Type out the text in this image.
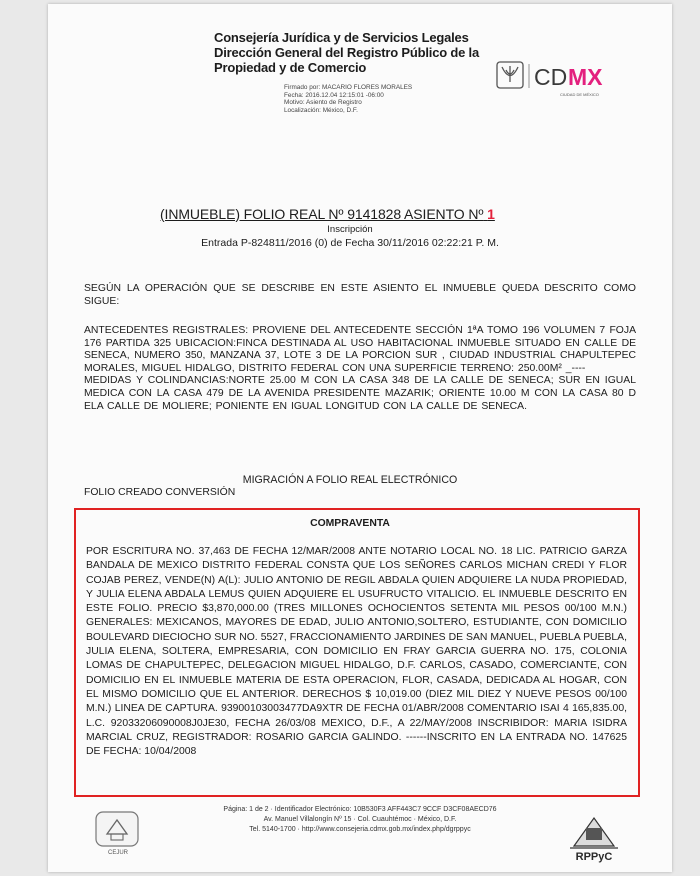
Consejería Jurídica y de Servicios Legales
Dirección General del Registro Público de la
Propiedad y de Comercio
Firmado por: MACARIO FLORES MORALES
Fecha: 2016.12.04 12:15:01 -06:00
Motivo: Asiento de Registro
Localización: México, D.F.
CD MX
CIUDAD DE MÉXICO
(INMUEBLE) FOLIO REAL Nº 9141828 ASIENTO Nº 1
Inscripción
Entrada P-824811/2016 (0) de Fecha 30/11/2016 02:22:21 P. M.
SEGÚN LA OPERACIÓN QUE SE DESCRIBE EN ESTE ASIENTO EL INMUEBLE QUEDA DESCRITO COMO SIGUE:
ANTECEDENTES REGISTRALES: PROVIENE DEL ANTECEDENTE SECCIÓN 1ªA TOMO 196 VOLUMEN 7 FOJA 176 PARTIDA 325 UBICACION:FINCA DESTINADA AL USO HABITACIONAL INMUEBLE SITUADO EN CALLE DE SENECA, NUMERO 350, MANZANA 37, LOTE 3 DE LA PORCION SUR , CIUDAD INDUSTRIAL CHAPULTEPEC MORALES, MIGUEL HIDALGO, DISTRITO FEDERAL CON UNA SUPERFICIE TERRENO: 250.00M² _----
MEDIDAS Y COLINDANCIAS:NORTE 25.00 M CON LA CASA 348 DE LA CALLE DE SENECA; SUR EN IGUAL MEDICA CON LA CASA 479 DE LA AVENIDA PRESIDENTE MAZARIK; ORIENTE 10.00 M CON LA CASA 80 D ELA CALLE DE MOLIERE; PONIENTE EN IGUAL LONGITUD CON LA CALLE DE SENECA.
MIGRACIÓN A FOLIO REAL ELECTRÓNICO
FOLIO CREADO CONVERSIÓN
COMPRAVENTA
POR ESCRITURA NO. 37,463 DE FECHA 12/MAR/2008 ANTE NOTARIO LOCAL NO. 18 LIC. PATRICIO GARZA BANDALA DE MEXICO DISTRITO FEDERAL CONSTA QUE LOS SEÑORES CARLOS MICHAN CREDI Y FLOR COJAB PEREZ, VENDE(N) A(L): JULIO ANTONIO DE REGIL ABDALA QUIEN ADQUIERE LA NUDA PROPIEDAD, Y JULIA ELENA ABDALA LEMUS QUIEN ADQUIERE EL USUFRUCTO VITALICIO. EL INMUEBLE DESCRITO EN ESTE FOLIO. PRECIO $3,870,000.00 (TRES MILLONES OCHOCIENTOS SETENTA MIL PESOS 00/100 M.N.) GENERALES: MEXICANOS, MAYORES DE EDAD, JULIO ANTONIO,SOLTERO, ESTUDIANTE, CON DOMICILIO BOULEVARD DIECIOCHO SUR NO. 5527, FRACCIONAMIENTO JARDINES DE SAN MANUEL, PUEBLA PUEBLA, JULIA ELENA, SOLTERA, EMPRESARIA, CON DOMICILIO EN FRAY GARCIA GUERRA NO. 175, COLONIA LOMAS DE CHAPULTEPEC, DELEGACION MIGUEL HIDALGO, D.F. CARLOS, CASADO, COMERCIANTE, CON DOMICILIO EN EL INMUEBLE MATERIA DE ESTA OPERACION, FLOR, CASADA, DEDICADA AL HOGAR, CON EL MISMO DOMICILIO QUE EL ANTERIOR. DERECHOS $ 10,019.00 (DIEZ MIL DIEZ Y NUEVE PESOS 00/100 M.N.) LINEA DE CAPTURA. 93900103003477DA9XTR DE FECHA 01/ABR/2008 COMENTARIO ISAI 4 165,835.00, L.C. 92033206090008J0JE30, FECHA 26/03/08 MEXICO, D.F., A 22/MAY/2008 INSCRIBIDOR: MARIA ISIDRA MARCIAL CRUZ, REGISTRADOR: ROSARIO GARCIA GALINDO. ------INSCRITO EN LA ENTRADA NO. 147625 DE FECHA: 10/04/2008
CEJUR
Página: 1 de 2 · Identificador Electrónico: 10B530F3 AFF443C7 9CCF D3CF08AECD76
Av. Manuel Villalongín Nº 15 · Col. Cuauhtémoc · México, D.F.
Tel. 5140-1700 · http://www.consejeria.cdmx.gob.mx/index.php/dgrppyc
RPPyC
